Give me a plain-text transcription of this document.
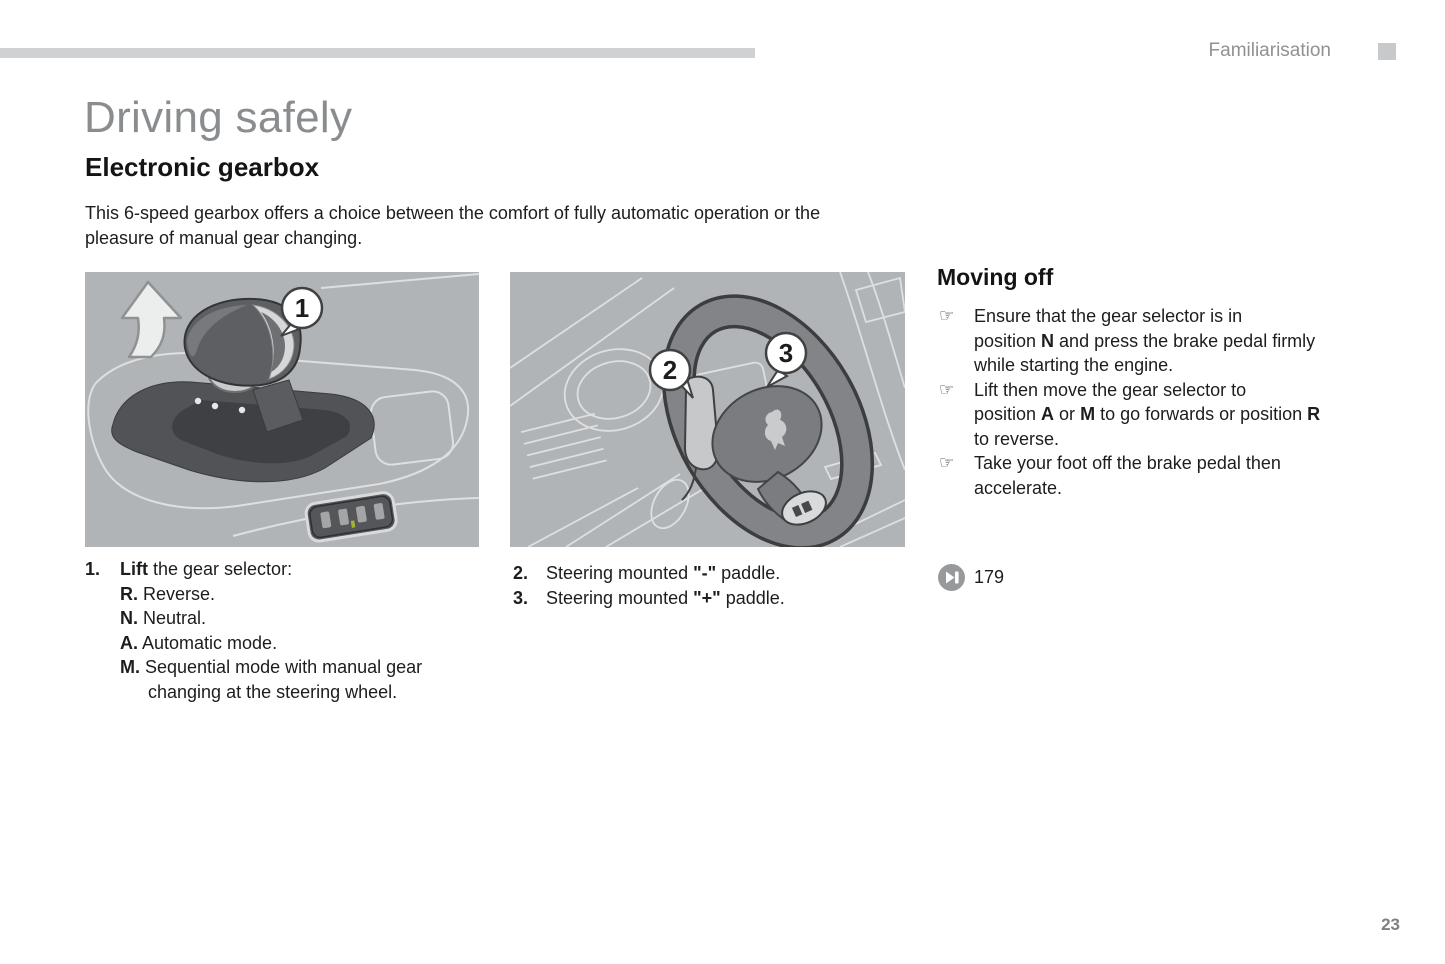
Familiarisation
Driving safely
Electronic gearbox

This 6-speed gearbox offers a choice between the comfort of fully automatic operation or the
pleasure of manual gear changing.

1
2
3
1.	Lift the gear selector:
R. Reverse.
N. Neutral.
A. Automatic mode.
M. Sequential mode with manual gear
changing at the steering wheel.
2. Steering mounted "-" paddle.
3. Steering mounted "+" paddle.
Moving off
☞	Ensure that the gear selector is in
position N and press the brake pedal firmly
while starting the engine.
☞	Lift then move the gear selector to
position A or M to go forwards or position R
to reverse.
☞	Take your foot off the brake pedal then
accelerate.
179
23
